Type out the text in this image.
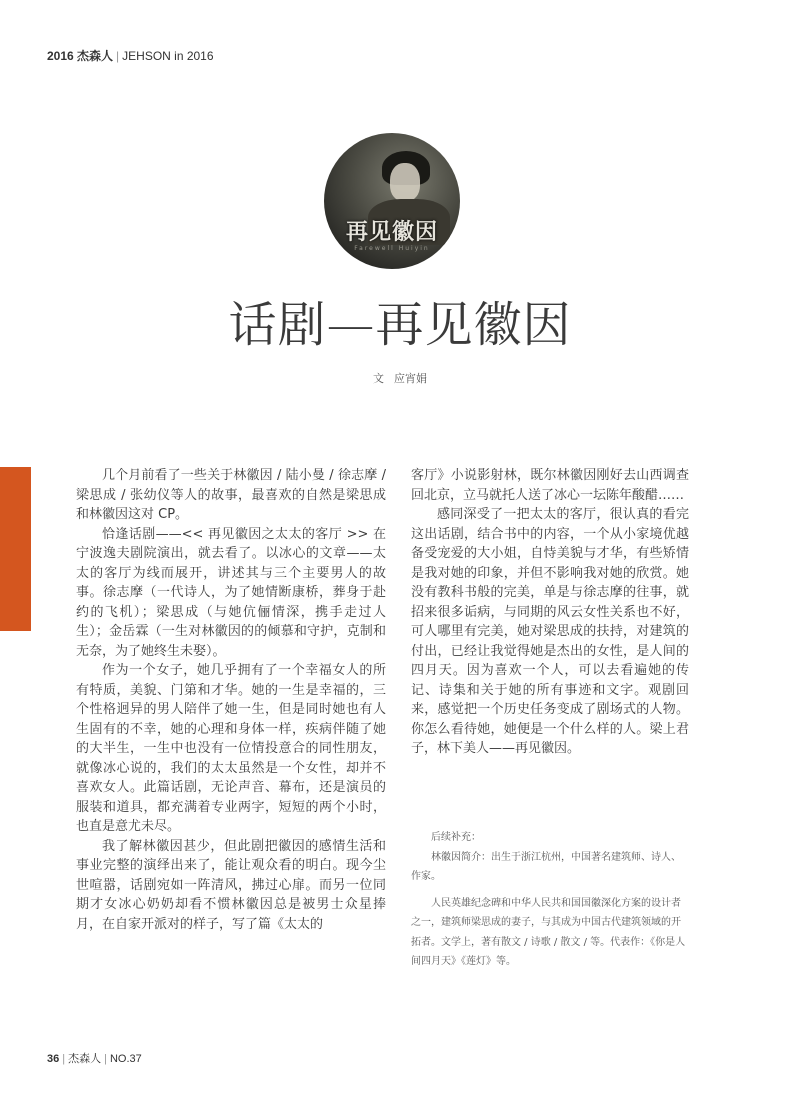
2016 杰森人 | JEHSON in 2016
再见徽因
Farewell Huiyin
话剧—再见徽因
文 应宵娟

几个月前看了一些关于林徽因 / 陆小曼 / 徐志摩 / 梁思成 / 张幼仪等人的故事，最喜欢的自然是梁思成和林徽因这对 CP。

恰逢话剧——<< 再见徽因之太太的客厅 >> 在宁波逸夫剧院演出，就去看了。以冰心的文章——太太的客厅为线而展开，讲述其与三个主要男人的故事。徐志摩（一代诗人，为了她情断康桥，葬身于赴约的飞机）；梁思成（与她伉俪情深，携手走过人生）；金岳霖（一生对林徽因的的倾慕和守护，克制和无奈，为了她终生未娶）。

作为一个女子，她几乎拥有了一个幸福女人的所有特质，美貌、门第和才华。她的一生是幸福的，三个性格迥异的男人陪伴了她一生，但是同时她也有人生固有的不幸，她的心理和身体一样，疾病伴随了她的大半生，一生中也没有一位情投意合的同性朋友，就像冰心说的，我们的太太虽然是一个女性，却并不喜欢女人。此篇话剧，无论声音、幕布，还是演员的服装和道具，都充满着专业两字，短短的两个小时，也直是意尤未尽。

我了解林徽因甚少，但此剧把徽因的感情生活和事业完整的演绎出来了，能让观众看的明白。现今尘世喧嚣，话剧宛如一阵清风，拂过心扉。而另一位同期才女冰心奶奶却看不惯林徽因总是被男士众星捧月，在自家开派对的样子，写了篇《太太的

客厅》小说影射林，既尔林徽因刚好去山西调查回北京，立马就托人送了冰心一坛陈年酸醋……

感同深受了一把太太的客厅，很认真的看完这出话剧，结合书中的内容，一个从小家境优越备受宠爱的大小姐，自恃美貌与才华，有些矫情是我对她的印象，并但不影响我对她的欣赏。她没有教科书般的完美，单是与徐志摩的往事，就招来很多诟病，与同期的风云女性关系也不好，可人哪里有完美，她对梁思成的扶持，对建筑的付出，已经让我觉得她是杰出的女性，是人间的四月天。因为喜欢一个人，可以去看遍她的传记、诗集和关于她的所有事迹和文字。观剧回来，感觉把一个历史任务变成了剧场式的人物。你怎么看待她，她便是一个什么样的人。梁上君子，林下美人——再见徽因。

后续补充：

林徽因简介：出生于浙江杭州，中国著名建筑师、诗人、作家。

人民英雄纪念碑和中华人民共和国国徽深化方案的设计者之一，建筑师梁思成的妻子，与其成为中国古代建筑领域的开拓者。文学上，著有散文 / 诗歌 / 散文 / 等。代表作：《你是人间四月天》《莲灯》等。

36 | 杰森人 | NO.37
